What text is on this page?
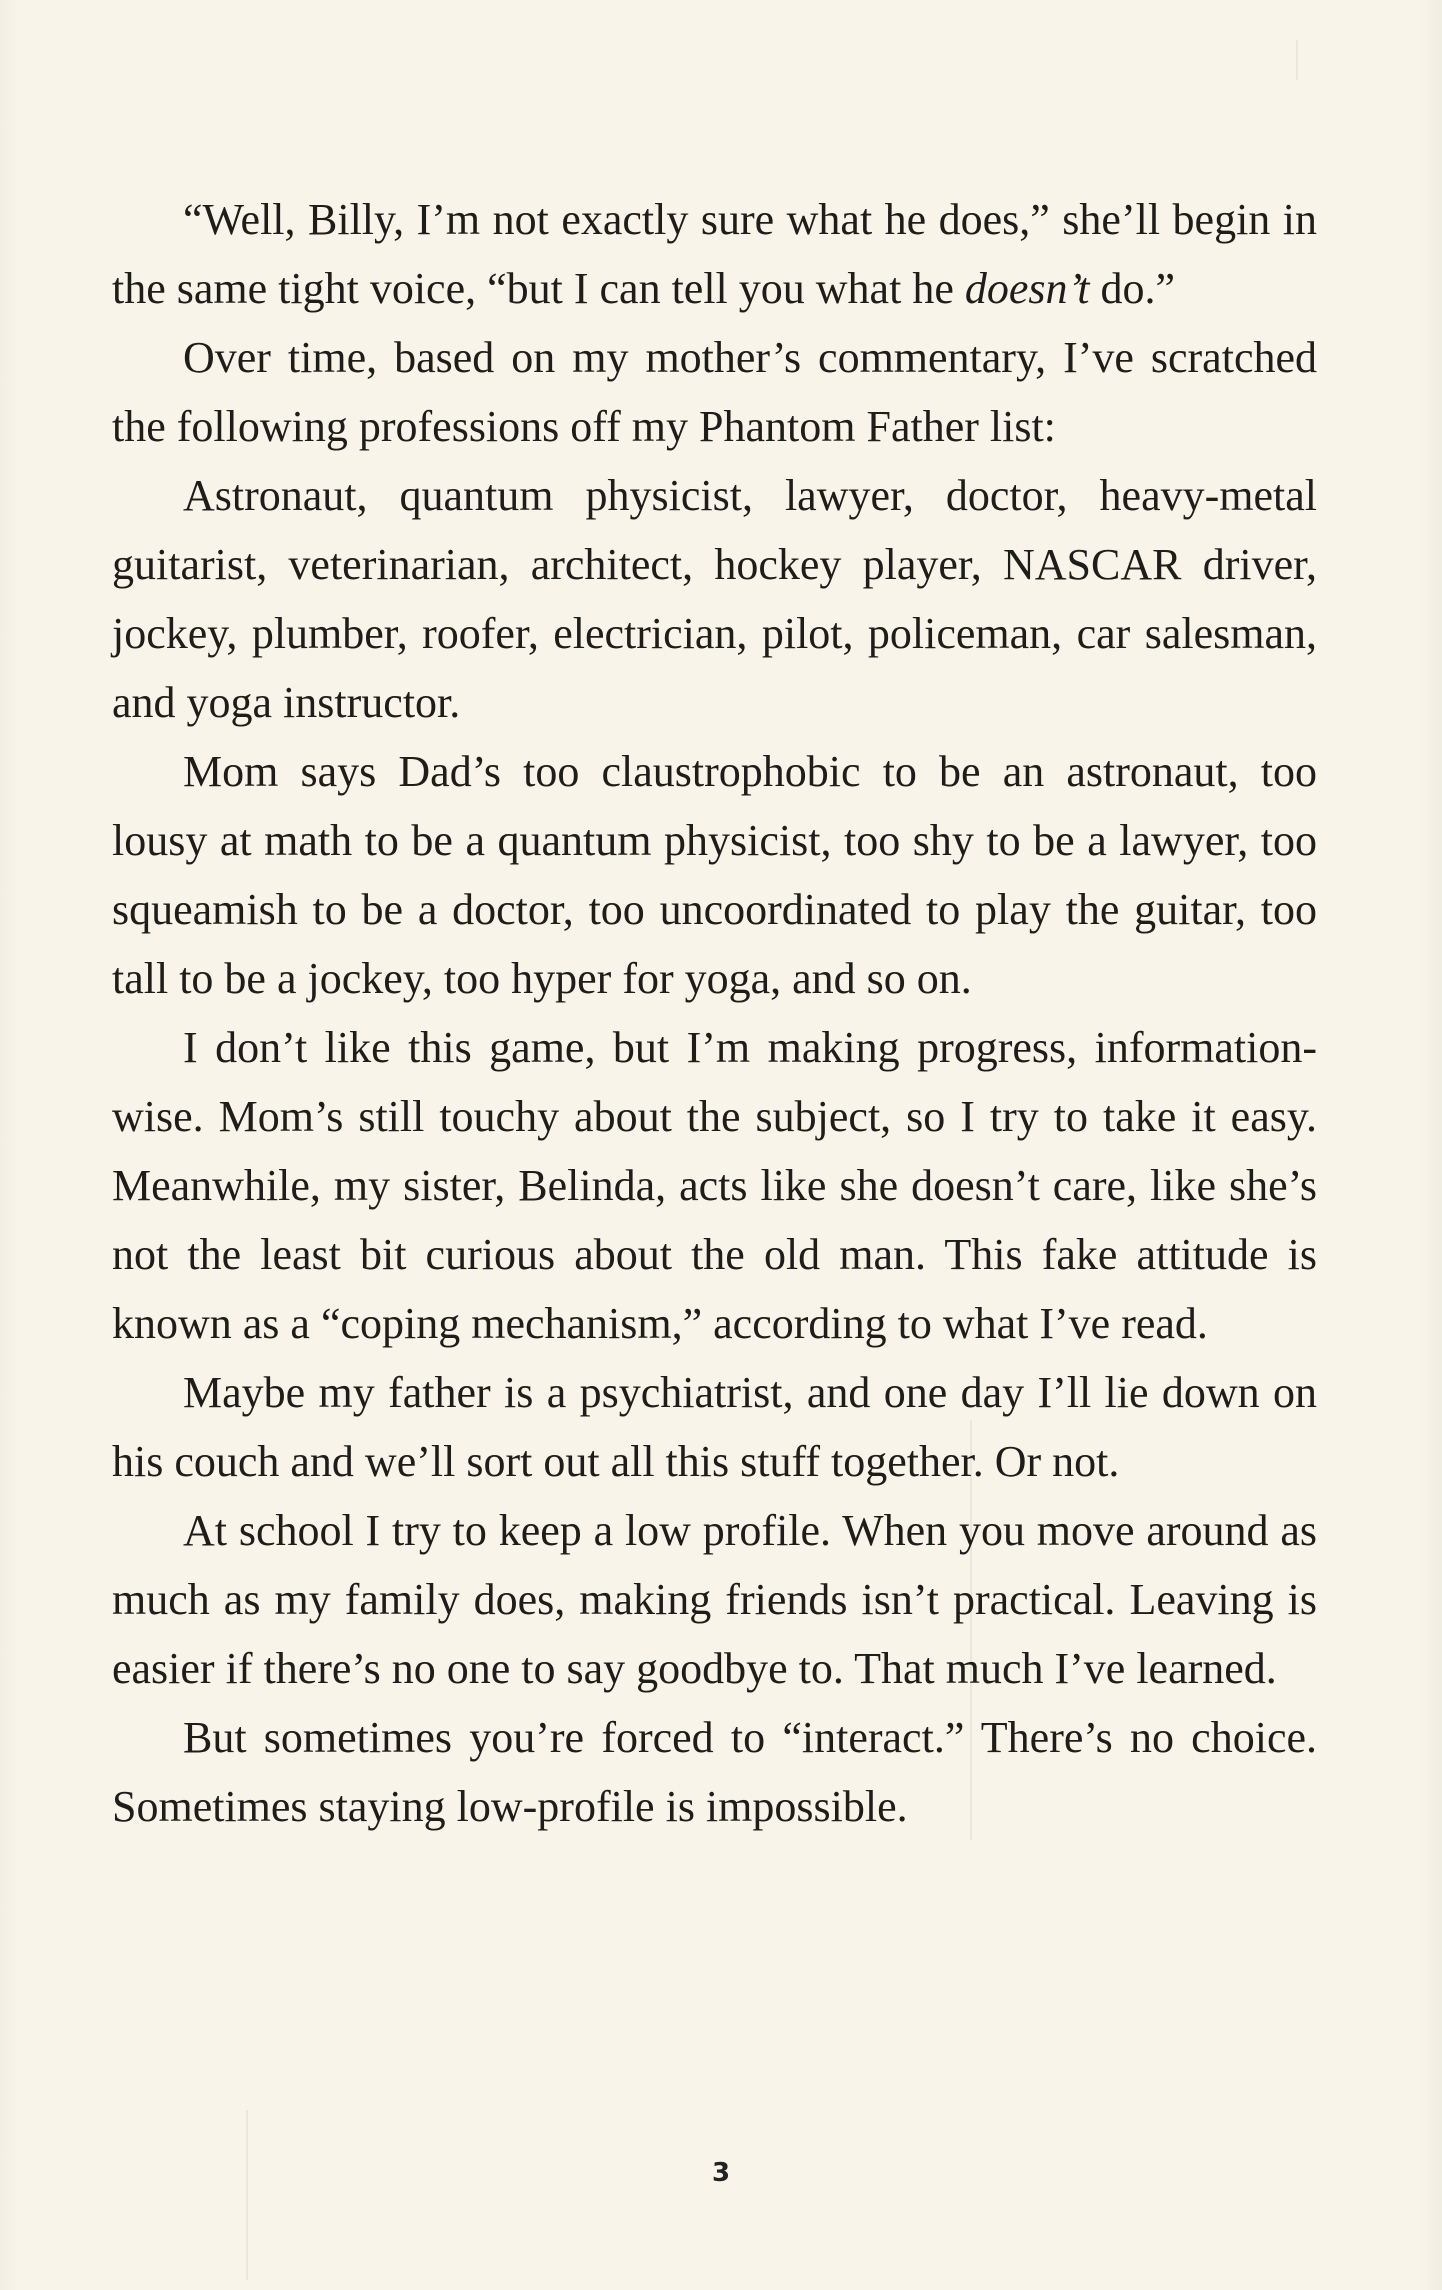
“Well, Billy, I’m not exactly sure what he does,” she’ll begin in the same tight voice, “but I can tell you what he doesn’t do.”

Over time, based on my mother’s commentary, I’ve scratched the following professions off my Phantom Father list:

Astronaut, quantum physicist, lawyer, doctor, heavy-metal guitarist, veterinarian, architect, hockey player, NASCAR driver, jockey, plumber, roofer, electrician, pilot, policeman, car salesman, and yoga instructor.

Mom says Dad’s too claustrophobic to be an astronaut, too lousy at math to be a quantum physicist, too shy to be a lawyer, too squeamish to be a doctor, too uncoordinated to play the guitar, too tall to be a jockey, too hyper for yoga, and so on.

I don’t like this game, but I’m making progress, information-wise. Mom’s still touchy about the subject, so I try to take it easy. Meanwhile, my sister, Belinda, acts like she doesn’t care, like she’s not the least bit curious about the old man. This fake attitude is known as a “coping mechanism,” according to what I’ve read.

Maybe my father is a psychiatrist, and one day I’ll lie down on his couch and we’ll sort out all this stuff together. Or not.

At school I try to keep a low profile. When you move around as much as my family does, making friends isn’t practical. Leaving is easier if there’s no one to say goodbye to. That much I’ve learned.

But sometimes you’re forced to “interact.” There’s no choice. Sometimes staying low-profile is impossible.

3
